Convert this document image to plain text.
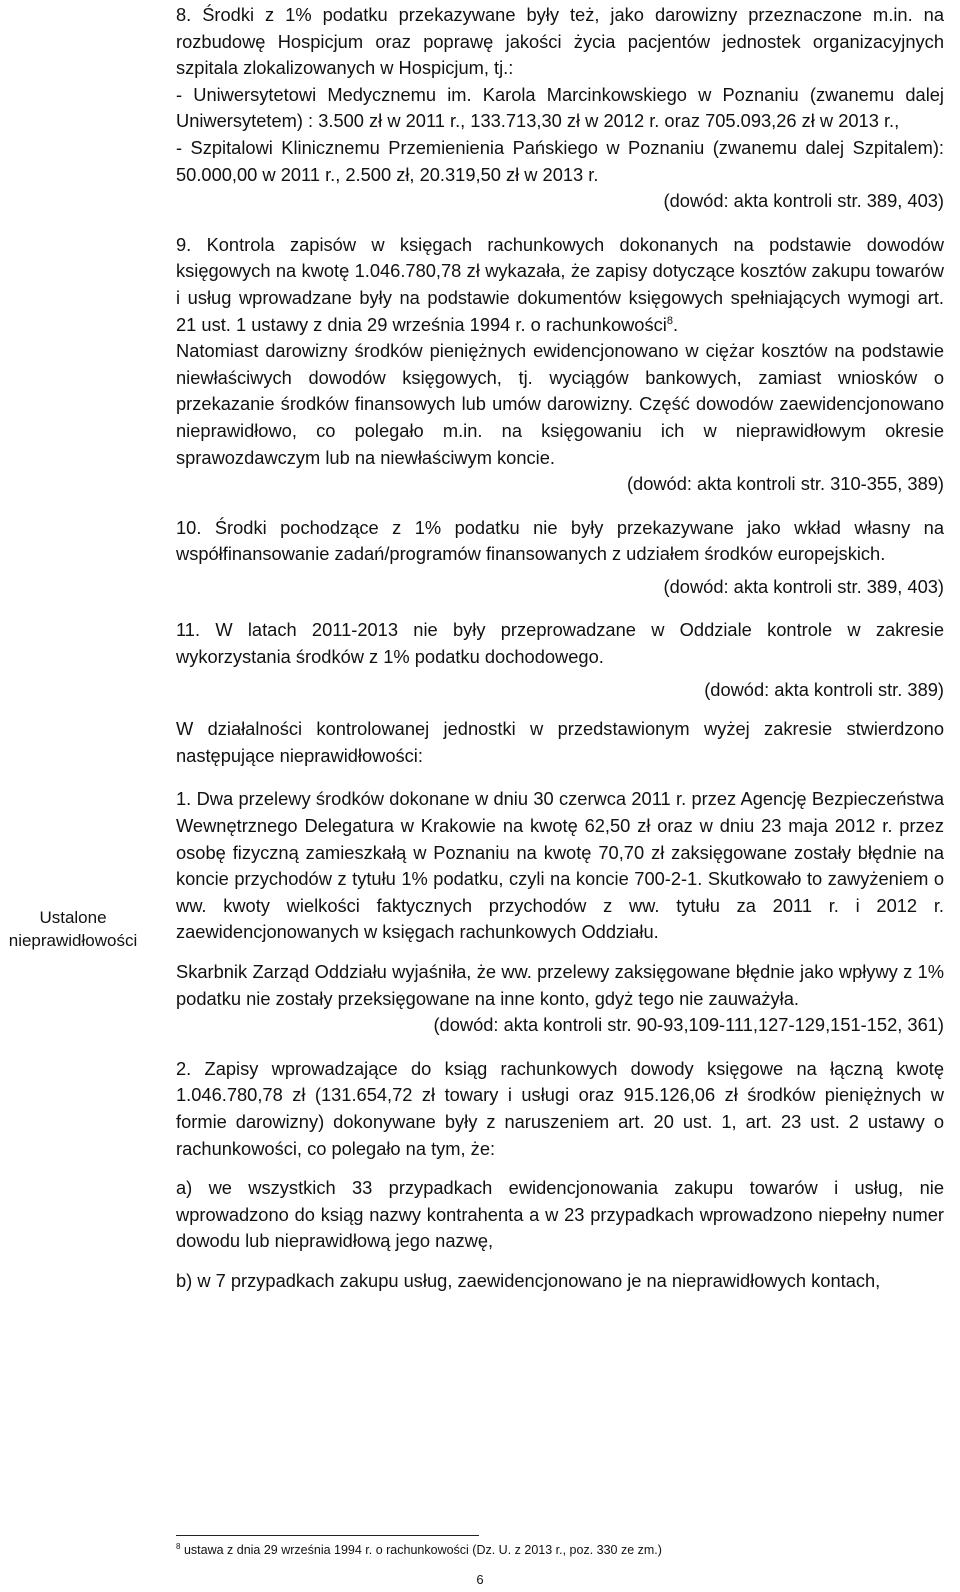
Ustalone
nieprawidłowości

8. Środki z 1% podatku przekazywane były też, jako darowizny przeznaczone m.in. na rozbudowę Hospicjum oraz poprawę jakości życia pacjentów jednostek organizacyjnych szpitala zlokalizowanych w Hospicjum, tj.:

- Uniwersytetowi Medycznemu im. Karola Marcinkowskiego w Poznaniu (zwanemu dalej Uniwersytetem) : 3.500 zł w 2011 r., 133.713,30 zł w 2012 r. oraz 705.093,26 zł w 2013 r.,

- Szpitalowi Klinicznemu Przemienienia Pańskiego w Poznaniu (zwanemu dalej Szpitalem): 50.000,00 w 2011 r., 2.500 zł, 20.319,50 zł w 2013 r.

(dowód: akta kontroli str. 389, 403)

9. Kontrola zapisów w księgach rachunkowych dokonanych na podstawie dowodów księgowych na kwotę 1.046.780,78 zł wykazała, że zapisy dotyczące kosztów zakupu towarów i usług wprowadzane były na podstawie dokumentów księgowych spełniających wymogi art. 21 ust. 1 ustawy z dnia 29 września 1994 r. o rachunkowości$^8$.

Natomiast darowizny środków pieniężnych ewidencjonowano w ciężar kosztów na podstawie niewłaściwych dowodów księgowych, tj. wyciągów bankowych, zamiast wniosków o przekazanie środków finansowych lub umów darowizny. Część dowodów zaewidencjonowano nieprawidłowo, co polegało m.in. na księgowaniu ich w nieprawidłowym okresie sprawozdawczym lub na niewłaściwym koncie.

(dowód: akta kontroli str. 310-355, 389)

10. Środki pochodzące z 1% podatku nie były przekazywane jako wkład własny na współfinansowanie zadań/programów finansowanych z udziałem środków europejskich.

(dowód: akta kontroli str. 389, 403)

11. W latach 2011-2013 nie były przeprowadzane w Oddziale kontrole w zakresie wykorzystania środków z 1% podatku dochodowego.

(dowód: akta kontroli str. 389)

W działalności kontrolowanej jednostki w przedstawionym wyżej zakresie stwierdzono następujące nieprawidłowości:

1. Dwa przelewy środków dokonane w dniu 30 czerwca 2011 r. przez Agencję Bezpieczeństwa Wewnętrznego Delegatura w Krakowie na kwotę 62,50 zł oraz w dniu 23 maja 2012 r. przez osobę fizyczną zamieszkałą w Poznaniu na kwotę 70,70 zł zaksięgowane zostały błędnie na koncie przychodów z tytułu 1% podatku, czyli na koncie 700-2-1. Skutkowało to zawyżeniem o ww. kwoty wielkości faktycznych przychodów z ww. tytułu za 2011 r. i 2012 r. zaewidencjonowanych w księgach rachunkowych Oddziału.

Skarbnik Zarząd Oddziału wyjaśniła, że ww. przelewy zaksięgowane błędnie jako wpływy z 1% podatku nie zostały przeksięgowane na inne konto, gdyż tego nie zauważyła.

(dowód: akta kontroli str. 90-93,109-111,127-129,151-152, 361)

2. Zapisy wprowadzające do ksiąg rachunkowych dowody księgowe na łączną kwotę 1.046.780,78 zł (131.654,72 zł towary i usługi oraz 915.126,06 zł środków pieniężnych w formie darowizny) dokonywane były z naruszeniem art. 20 ust. 1, art. 23 ust. 2 ustawy o rachunkowości, co polegało na tym, że:

a) we wszystkich 33 przypadkach ewidencjonowania zakupu towarów i usług, nie wprowadzono do ksiąg nazwy kontrahenta a w 23 przypadkach wprowadzono niepełny numer dowodu lub nieprawidłową jego nazwę,

b) w 7 przypadkach zakupu usług, zaewidencjonowano je na nieprawidłowych kontach,

$^8$ ustawa z dnia 29 września 1994 r. o rachunkowości (Dz. U. z 2013 r., poz. 330 ze zm.)
6
